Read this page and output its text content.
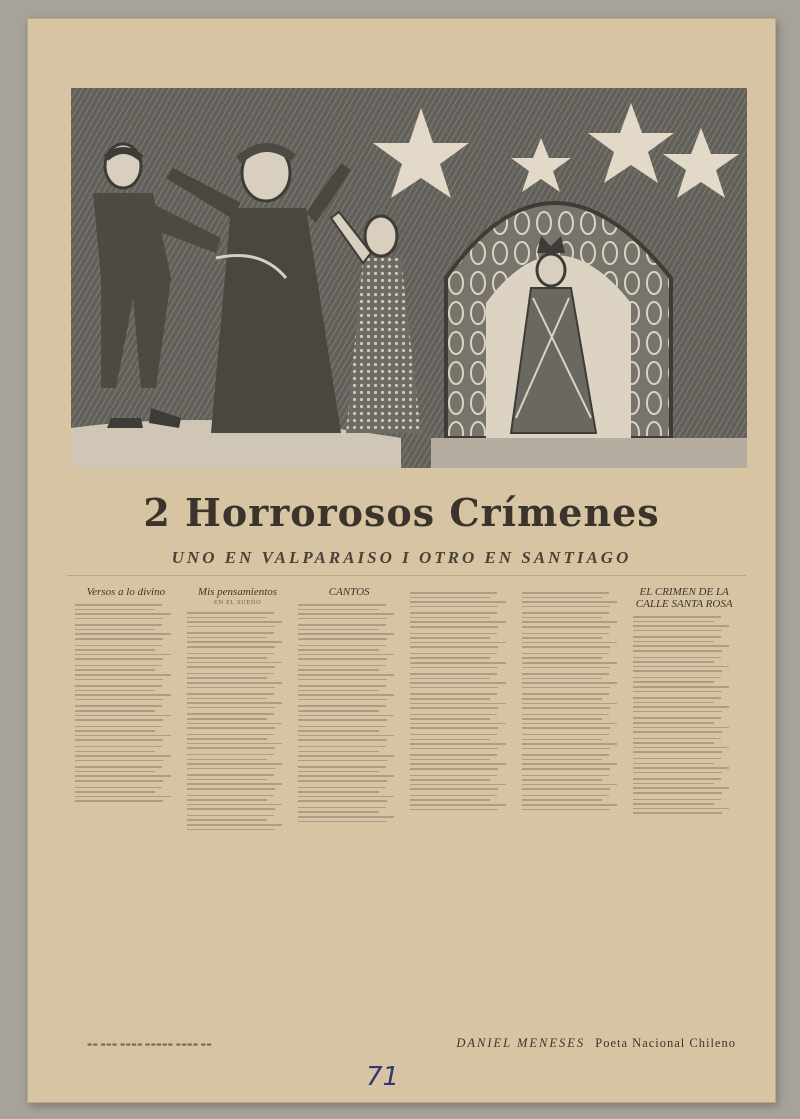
2 Horrorosos Crímenes
UNO EN VALPARAISO I OTRO EN SANTIAGO
Versos a lo divino	Mis pensamientos
EN EL SUEÑO
CANTOS	EL CRIMEN DE LA CALLE SANTA ROSA
▬▬ ▬▬▬ ▬▬▬▬ ▬▬▬▬▬ ▬▬▬▬ ▬▬	DANIEL MENESES Poeta Nacional Chileno
71
